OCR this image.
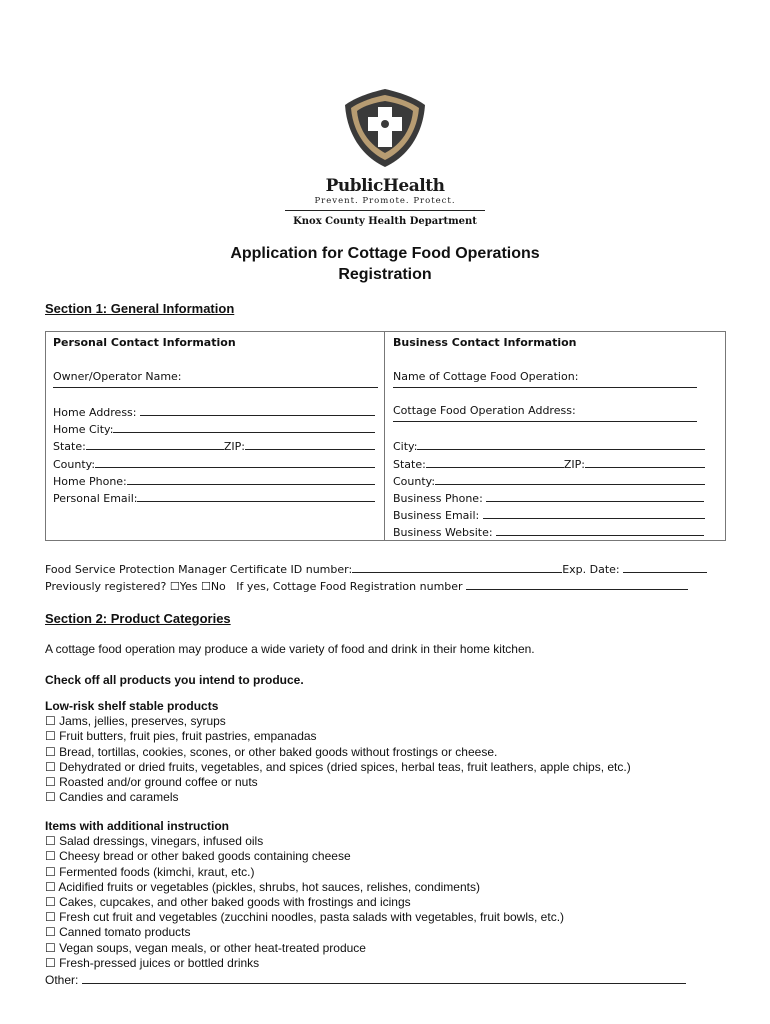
PublicHealth
Prevent. Promote. Protect.
Knox County Health Department
Application for Cottage Food Operations
Registration
Section 1: General Information
Personal Contact Information
Owner/Operator Name:
Home Address:
Home City:
State:	ZIP:
County:
Home Phone:
Personal Email:
Business Contact Information
Name of Cottage Food Operation:
Cottage Food Operation Address:
City:
State:	ZIP:
County:
Business Phone:
Business Email:
Business Website:
Food Service Protection Manager Certificate ID number:	Exp. Date:
Previously registered? ☐Yes ☐No If yes, Cottage Food Registration number
Section 2: Product Categories
A cottage food operation may produce a wide variety of food and drink in their home kitchen.
Check off all products you intend to produce.
Low-risk shelf stable products
☐ Jams, jellies, preserves, syrups
☐ Fruit butters, fruit pies, fruit pastries, empanadas
☐ Bread, tortillas, cookies, scones, or other baked goods without frostings or cheese.
☐ Dehydrated or dried fruits, vegetables, and spices (dried spices, herbal teas, fruit leathers, apple chips, etc.)
☐ Roasted and/or ground coffee or nuts
☐ Candies and caramels
Items with additional instruction
☐ Salad dressings, vinegars, infused oils
☐ Cheesy bread or other baked goods containing cheese
☐ Fermented foods (kimchi, kraut, etc.)
☐ Acidified fruits or vegetables (pickles, shrubs, hot sauces, relishes, condiments)
☐ Cakes, cupcakes, and other baked goods with frostings and icings
☐ Fresh cut fruit and vegetables (zucchini noodles, pasta salads with vegetables, fruit bowls, etc.)
☐ Canned tomato products
☐ Vegan soups, vegan meals, or other heat-treated produce
☐ Fresh-pressed juices or bottled drinks
Other:
